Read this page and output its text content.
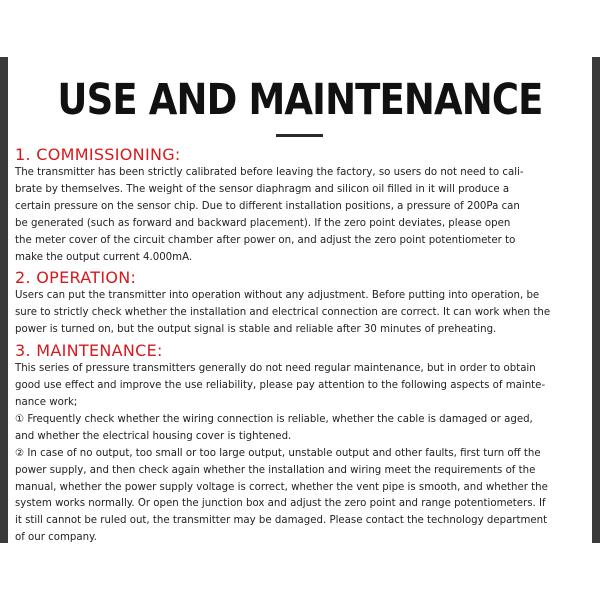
USE AND MAINTENANCE
1. COMMISSIONING:
The transmitter has been strictly calibrated before leaving the factory, so users do not need to cali-
brate by themselves. The weight of the sensor diaphragm and silicon oil filled in it will produce a
certain pressure on the sensor chip. Due to different installation positions, a pressure of 200Pa can
be generated (such as forward and backward placement). If the zero point deviates, please open
the meter cover of the circuit chamber after power on, and adjust the zero point potentiometer to
make the output current 4.000mA.
2. OPERATION:
Users can put the transmitter into operation without any adjustment. Before putting into operation, be
sure to strictly check whether the installation and electrical connection are correct. It can work when the
power is turned on, but the output signal is stable and reliable after 30 minutes of preheating.
3. MAINTENANCE:
This series of pressure transmitters generally do not need regular maintenance, but in order to obtain
good use effect and improve the use reliability, please pay attention to the following aspects of mainte-
nance work;
① Frequently check whether the wiring connection is reliable, whether the cable is damaged or aged,
and whether the electrical housing cover is tightened.
② In case of no output, too small or too large output, unstable output and other faults, first turn off the
power supply, and then check again whether the installation and wiring meet the requirements of the
manual, whether the power supply voltage is correct, whether the vent pipe is smooth, and whether the
system works normally. Or open the junction box and adjust the zero point and range potentiometers. If
it still cannot be ruled out, the transmitter may be damaged. Please contact the technology department
of our company.
